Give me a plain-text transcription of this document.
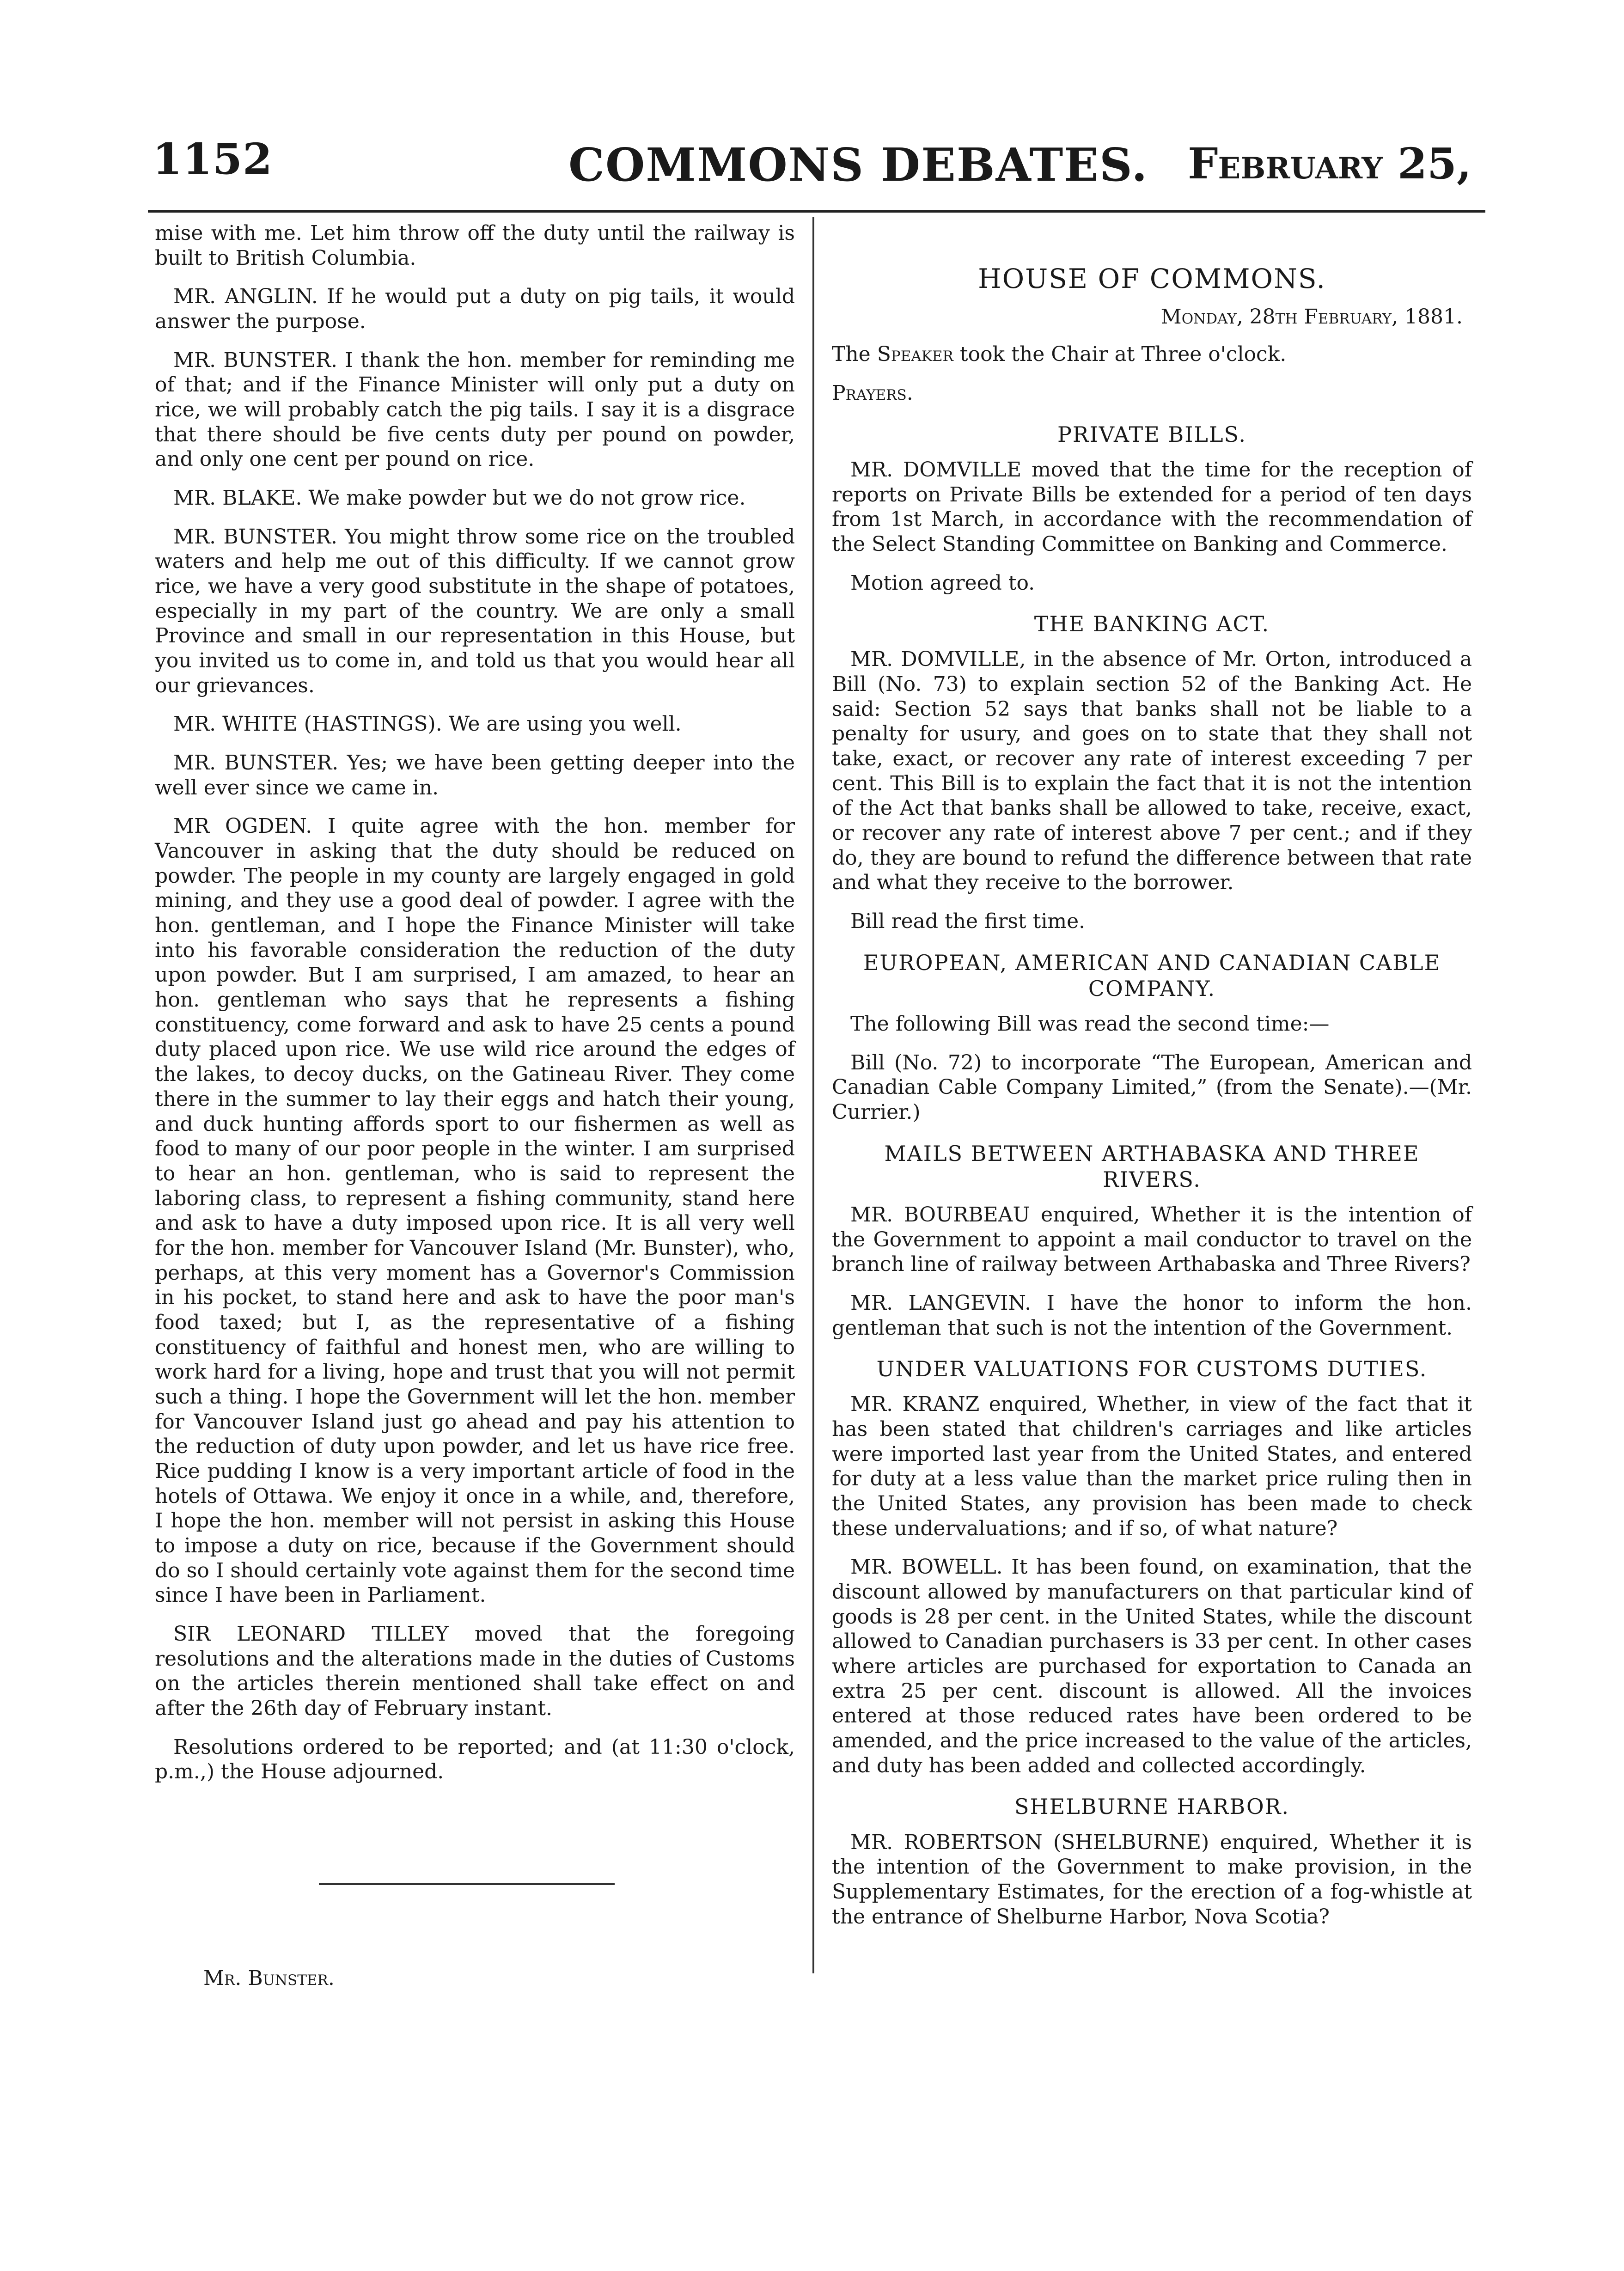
1152	COMMONS DEBATES. February 25,

mise with me. Let him throw off the duty until the railway is built to British Columbia.

MR. ANGLIN. If he would put a duty on pig tails, it would answer the purpose.

MR. BUNSTER. I thank the hon. member for reminding me of that; and if the Finance Minister will only put a duty on rice, we will probably catch the pig tails. I say it is a disgrace that there should be five cents duty per pound on powder, and only one cent per pound on rice.

MR. BLAKE. We make powder but we do not grow rice.

MR. BUNSTER. You might throw some rice on the troubled waters and help me out of this difficulty. If we cannot grow rice, we have a very good substitute in the shape of potatoes, especially in my part of the country. We are only a small Province and small in our representation in this House, but you invited us to come in, and told us that you would hear all our grievances.

MR. WHITE (HASTINGS). We are using you well.

MR. BUNSTER. Yes; we have been getting deeper into the well ever since we came in.

MR OGDEN. I quite agree with the hon. member for Vancouver in asking that the duty should be reduced on powder. The people in my county are largely engaged in gold mining, and they use a good deal of powder. I agree with the hon. gentleman, and I hope the Finance Minister will take into his favorable consideration the reduction of the duty upon powder. But I am surprised, I am amazed, to hear an hon. gentleman who says that he represents a fishing constituency, come forward and ask to have 25 cents a pound duty placed upon rice. We use wild rice around the edges of the lakes, to decoy ducks, on the Gatineau River. They come there in the summer to lay their eggs and hatch their young, and duck hunting affords sport to our fishermen as well as food to many of our poor people in the winter. I am surprised to hear an hon. gentleman, who is said to represent the laboring class, to represent a fishing community, stand here and ask to have a duty imposed upon rice. It is all very well for the hon. member for Vancouver Island (Mr. Bunster), who, perhaps, at this very moment has a Governor's Commission in his pocket, to stand here and ask to have the poor man's food taxed; but I, as the representative of a fishing constituency of faithful and honest men, who are willing to work hard for a living, hope and trust that you will not permit such a thing. I hope the Government will let the hon. member for Vancouver Island just go ahead and pay his attention to the reduction of duty upon powder, and let us have rice free. Rice pudding I know is a very important article of food in the hotels of Ottawa. We enjoy it once in a while, and, therefore, I hope the hon. member will not persist in asking this House to impose a duty on rice, because if the Government should do so I should certainly vote against them for the second time since I have been in Parliament.

SIR LEONARD TILLEY moved that the foregoing resolutions and the alterations made in the duties of Customs on the articles therein mentioned shall take effect on and after the 26th day of February instant.

Resolutions ordered to be reported; and (at 11:30 o'clock, p.m.,) the House adjourned.

Mr. Bunster.
HOUSE OF COMMONS.
Monday, 28th February, 1881.

The Speaker took the Chair at Three o'clock.

Prayers.

PRIVATE BILLS.

MR. DOMVILLE moved that the time for the reception of reports on Private Bills be extended for a period of ten days from 1st March, in accordance with the recommendation of the Select Standing Committee on Banking and Commerce.

Motion agreed to.

THE BANKING ACT.

MR. DOMVILLE, in the absence of Mr. Orton, introduced a Bill (No. 73) to explain section 52 of the Banking Act. He said: Section 52 says that banks shall not be liable to a penalty for usury, and goes on to state that they shall not take, exact, or recover any rate of interest exceeding 7 per cent. This Bill is to explain the fact that it is not the intention of the Act that banks shall be allowed to take, receive, exact, or recover any rate of interest above 7 per cent.; and if they do, they are bound to refund the difference between that rate and what they receive to the borrower.

Bill read the first time.

EUROPEAN, AMERICAN AND CANADIAN CABLE COMPANY.

The following Bill was read the second time:—

Bill (No. 72) to incorporate “The European, American and Canadian Cable Company Limited,” (from the Senate).—(Mr. Currier.)

MAILS BETWEEN ARTHABASKA AND THREE RIVERS.

MR. BOURBEAU enquired, Whether it is the intention of the Government to appoint a mail conductor to travel on the branch line of railway between Arthabaska and Three Rivers?

MR. LANGEVIN. I have the honor to inform the hon. gentleman that such is not the intention of the Government.

UNDER VALUATIONS FOR CUSTOMS DUTIES.

MR. KRANZ enquired, Whether, in view of the fact that it has been stated that children's carriages and like articles were imported last year from the United States, and entered for duty at a less value than the market price ruling then in the United States, any provision has been made to check these undervaluations; and if so, of what nature?

MR. BOWELL. It has been found, on examination, that the discount allowed by manufacturers on that particular kind of goods is 28 per cent. in the United States, while the discount allowed to Canadian purchasers is 33 per cent. In other cases where articles are purchased for exportation to Canada an extra 25 per cent. discount is allowed. All the invoices entered at those reduced rates have been ordered to be amended, and the price increased to the value of the articles, and duty has been added and collected accordingly.

SHELBURNE HARBOR.

MR. ROBERTSON (SHELBURNE) enquired, Whether it is the intention of the Government to make provision, in the Supplementary Estimates, for the erection of a fog-whistle at the entrance of Shelburne Harbor, Nova Scotia?
